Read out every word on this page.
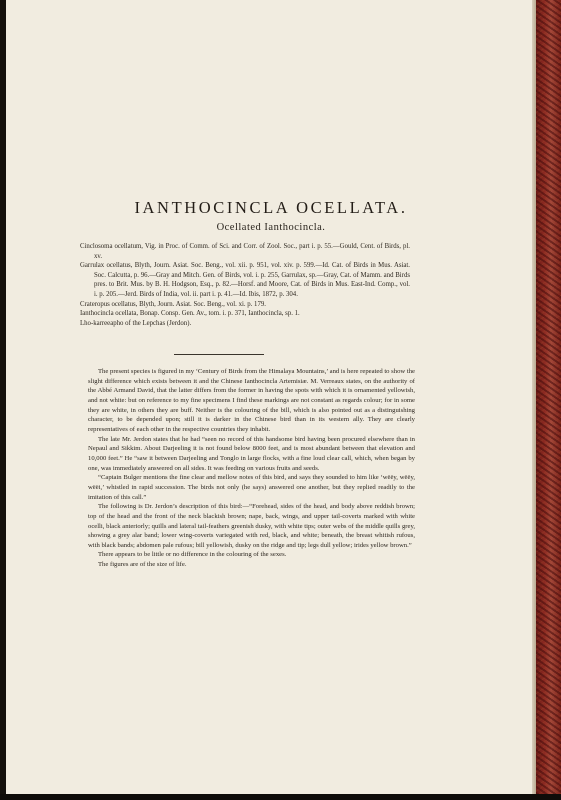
IANTHOCINCLA OCELLATA.
Ocellated Ianthocincla.

Cinclosoma ocellatum, Vig. in Proc. of Comm. of Sci. and Corr. of Zool. Soc., part i. p. 55.—Gould, Cent. of Birds, pl. xv.

Garrulax ocellatus, Blyth, Journ. Asiat. Soc. Beng., vol. xii. p. 951, vol. xiv. p. 599.—Id. Cat. of Birds in Mus. Asiat. Soc. Calcutta, p. 96.—Gray and Mitch. Gen. of Birds, vol. i. p. 255, Garrulax, sp.—Gray, Cat. of Mamm. and Birds pres. to Brit. Mus. by B. H. Hodgson, Esq., p. 82.—Horsf. and Moore, Cat. of Birds in Mus. East-Ind. Comp., vol. i. p. 205.—Jerd. Birds of India, vol. ii. part i. p. 41.—Id. Ibis, 1872, p. 304.

Crateropus ocellatus, Blyth, Journ. Asiat. Soc. Beng., vol. xi. p. 179.

Ianthocincla ocellata, Bonap. Consp. Gen. Av., tom. i. p. 371, Ianthocincla, sp. 1.

Lho-karreeapho of the Lepchas (Jerdon).

The present species is figured in my ‘Century of Birds from the Himalaya Mountains,’ and is here repeated to show the slight difference which exists between it and the Chinese Ianthocincla Artemisiæ. M. Verreaux states, on the authority of the Abbé Armand David, that the latter differs from the former in having the spots with which it is ornamented yellowish, and not white: but on reference to my fine specimens I find these markings are not constant as regards colour; for in some they are white, in others they are buff. Neither is the colouring of the bill, which is also pointed out as a distinguishing character, to be depended upon; still it is darker in the Chinese bird than in its western ally. They are clearly representatives of each other in the respective countries they inhabit.

The late Mr. Jerdon states that he had “seen no record of this handsome bird having been procured elsewhere than in Nepaul and Sikkim. About Darjeeling it is not found below 8000 feet, and is most abundant between that elevation and 10,000 feet.” He “saw it between Darjeeling and Tonglo in large flocks, with a fine loud clear call, which, when began by one, was immediately answered on all sides. It was feeding on various fruits and seeds.

“Captain Bulger mentions the fine clear and mellow notes of this bird, and says they sounded to him like ‘wëëy, wëëy, wëëi,’ whistled in rapid succession. The birds not only (he says) answered one another, but they replied readily to the imitation of this call.”

The following is Dr. Jerdon’s description of this bird:—“Forehead, sides of the head, and body above reddish brown; top of the head and the front of the neck blackish brown; nape, back, wings, and upper tail-coverts marked with white ocelli, black anteriorly; quills and lateral tail-feathers greenish dusky, with white tips; outer webs of the middle quills grey, showing a grey alar band; lower wing-coverts variegated with red, black, and white; beneath, the breast whitish rufous, with black bands; abdomen pale rufous; bill yellowish, dusky on the ridge and tip; legs dull yellow; irides yellow brown.”

There appears to be little or no difference in the colouring of the sexes.

The figures are of the size of life.
